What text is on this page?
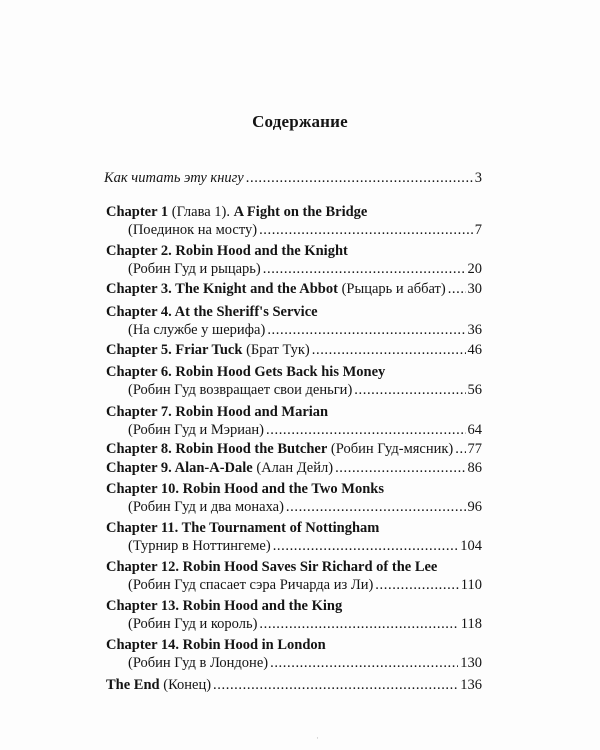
Содержание
Как читать эту книгу .....	3
Chapter 1 (Глава 1). A Fight on the Bridge
(Поединок на мосту) .....	7
Chapter 2. Robin Hood and the Knight
(Робин Гуд и рыцарь) .....	20
Chapter 3. The Knight and the Abbot (Рыцарь и аббат) ..... 30
Chapter 4. At the Sheriff's Service
(На службе у шерифа) .....	36
Chapter 5. Friar Tuck (Брат Тук) .....	46
Chapter 6. Robin Hood Gets Back his Money
(Робин Гуд возвращает свои деньги) .....	56
Chapter 7. Robin Hood and Marian
(Робин Гуд и Мэриан) .....	64
Chapter 8. Robin Hood the Butcher (Робин Гуд-мясник) ..... 77
Chapter 9. Alan-A-Dale (Алан Дейл) .....	86
Chapter 10. Robin Hood and the Two Monks
(Робин Гуд и два монаха) .....	96
Chapter 11. The Tournament of Nottingham
(Турнир в Ноттингеме) .....	104
Chapter 12. Robin Hood Saves Sir Richard of the Lee
(Робин Гуд спасает сэра Ричарда из Ли) .....	110
Chapter 13. Robin Hood and the King
(Робин Гуд и король) .....	118
Chapter 14. Robin Hood in London
(Робин Гуд в Лондоне) .....	130
The End (Конец) .....	136
·
